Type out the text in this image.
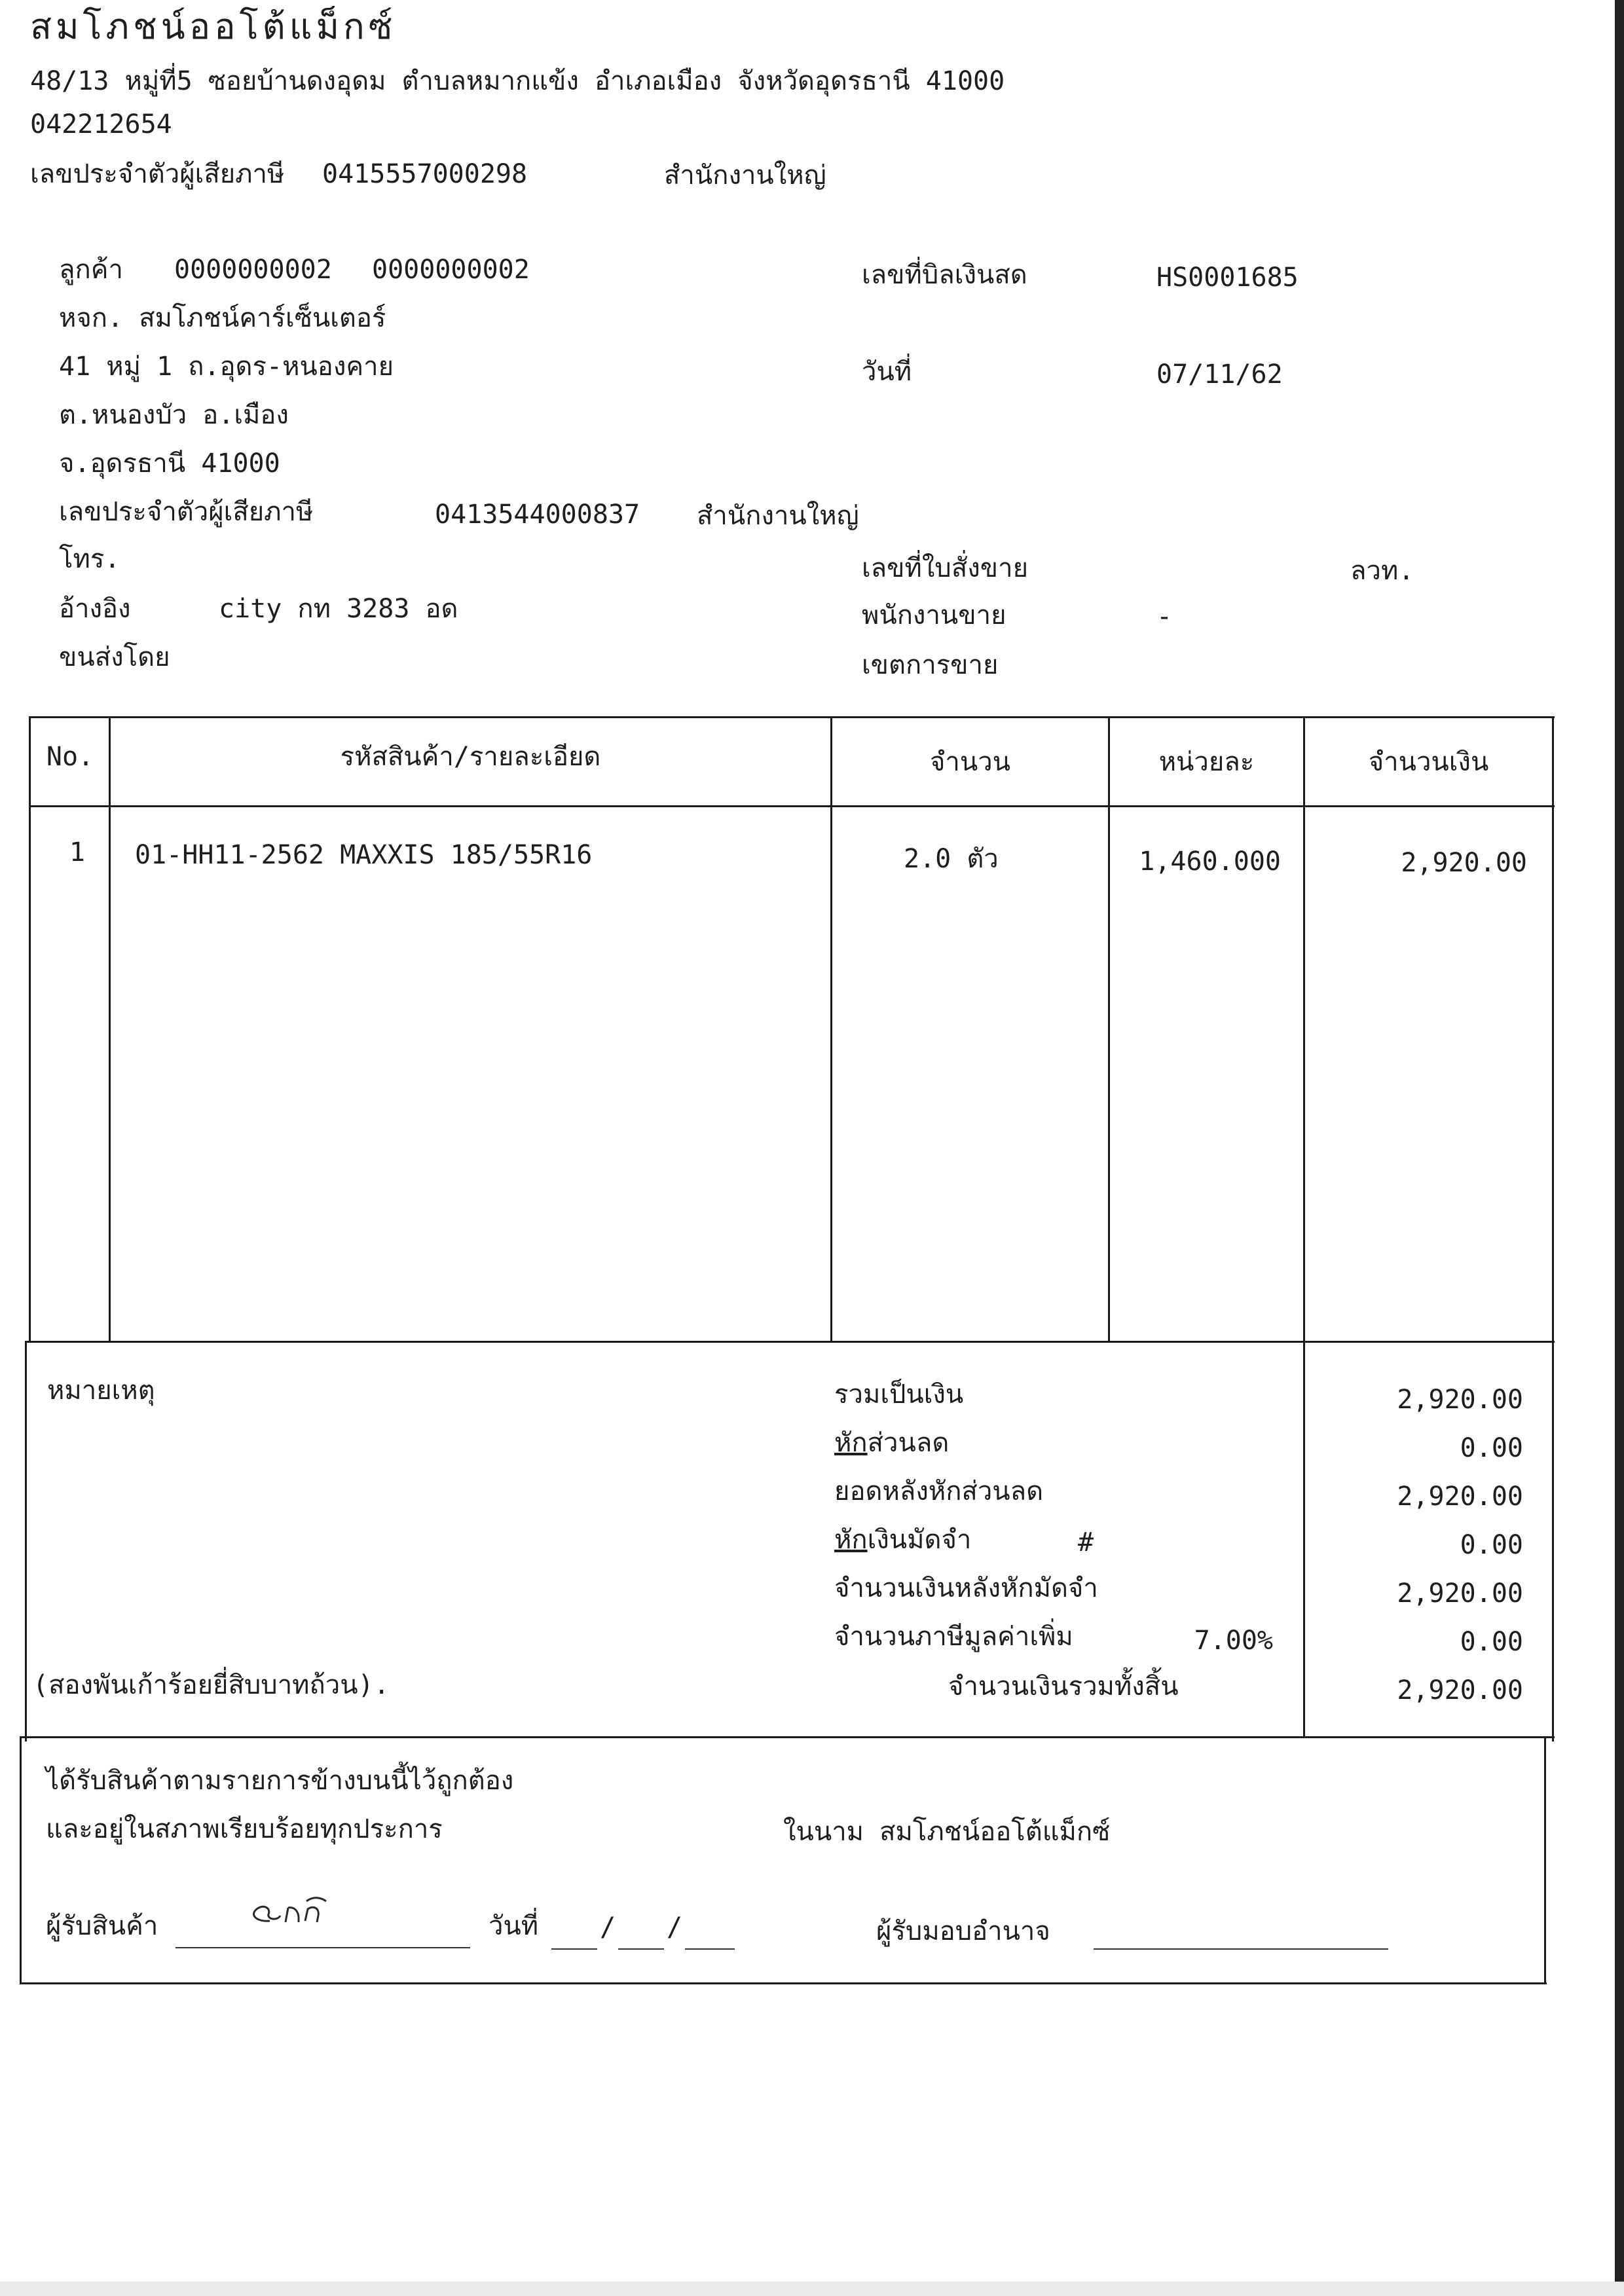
สมโภชน์ออโต้แม็กซ์
48/13 หมู่ที่5 ซอยบ้านดงอุดม ตำบลหมากแข้ง อำเภอเมือง จังหวัดอุดรธานี 41000
042212654
เลขประจำตัวผู้เสียภาษี 0415557000298	สำนักงานใหญ่
ลูกค้า 0000000002 0000000002
หจก. สมโภชน์คาร์เซ็นเตอร์
41 หมู่ 1 ถ.อุดร-หนองคาย
ต.หนองบัว อ.เมือง
จ.อุดรธานี 41000
เลขประจำตัวผู้เสียภาษี	0413544000837 สำนักงานใหญ่
โทร.
อ้างอิง	city กท 3283 อด
ขนส่งโดย
เลขที่บิลเงินสด	HS0001685
วันที่	07/11/62
เลขที่ใบสั่งขาย	ลวท.
พนักงานขาย	-
เขตการขาย
No.	รหัสสินค้า/รายละเอียด	จำนวน	หน่วยละ	จำนวนเงิน
1 01-HH11-2562 MAXXIS 185/55R16	2.0 ตัว	1,460.000	2,920.00
หมายเหตุ	รวมเป็นเงิน	2,920.00
หักส่วนลด	0.00
ยอดหลังหักส่วนลด	2,920.00
หักเงินมัดจำ	#	0.00
จำนวนเงินหลังหักมัดจำ	2,920.00
จำนวนภาษีมูลค่าเพิ่ม	7.00%	0.00
(สองพันเก้าร้อยยี่สิบบาทถ้วน).	จำนวนเงินรวมทั้งสิ้น	2,920.00
ได้รับสินค้าตามรายการข้างบนนี้ไว้ถูกต้อง
และอยู่ในสภาพเรียบร้อยทุกประการ	ในนาม สมโภชน์ออโต้แม็กซ์
ผู้รับสินค้า	วันที่ / /	ผู้รับมอบอำนาจ
